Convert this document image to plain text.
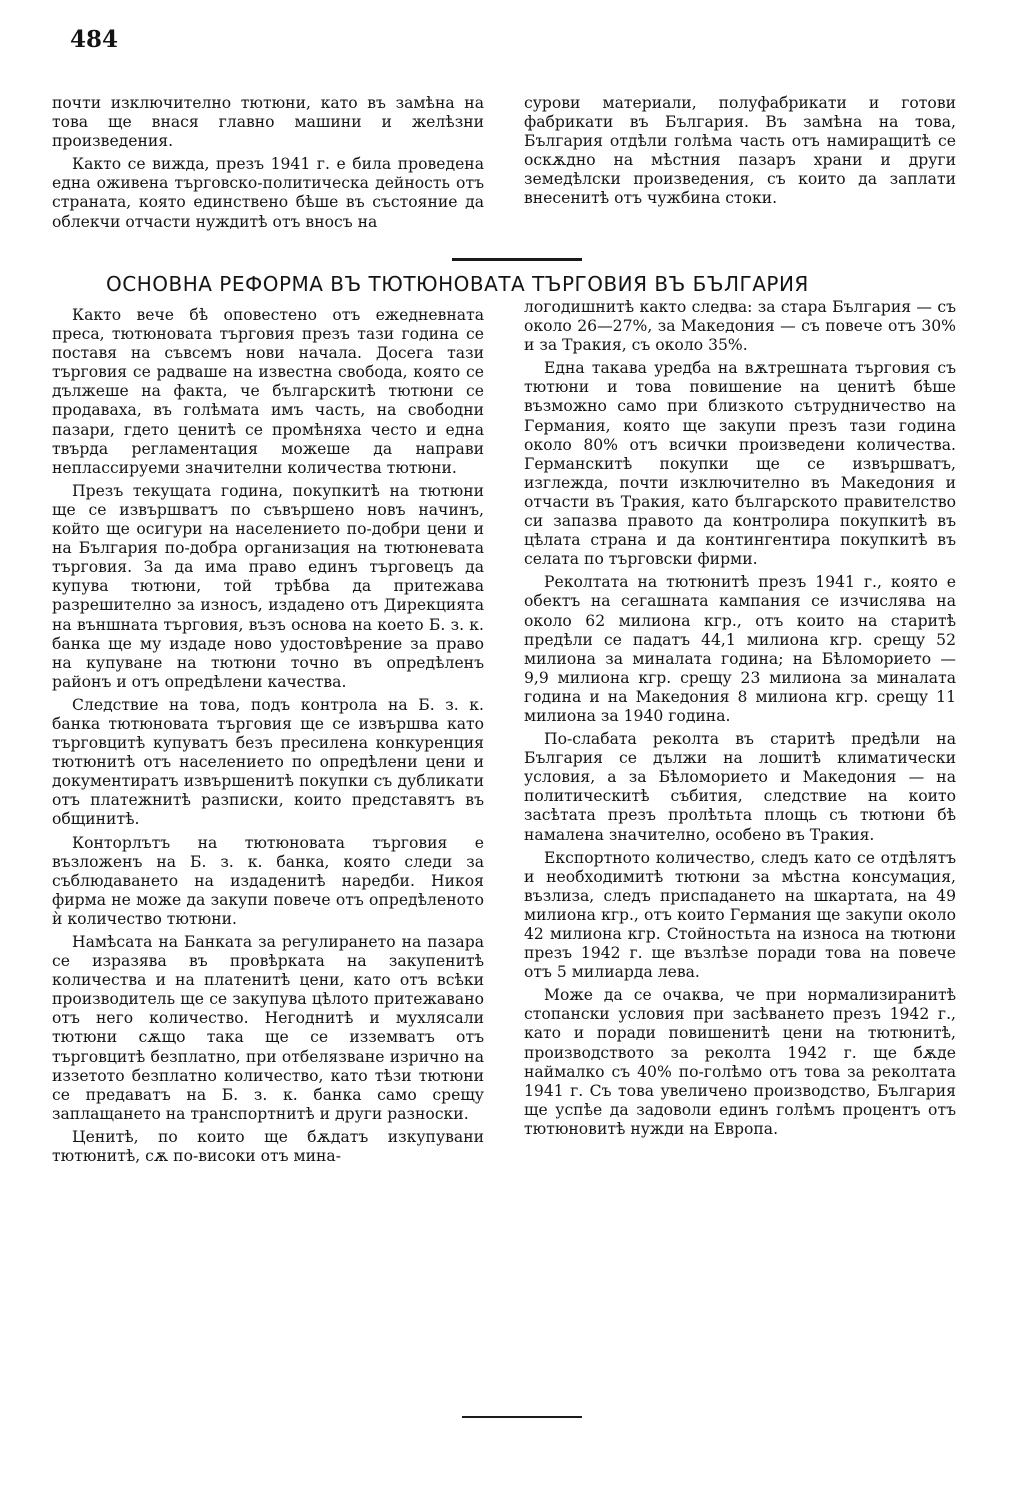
484

почти изключително тютюни, като въ замѣна на това ще внася главно машини и желѣзни произведения.

Както се вижда, презъ 1941 г. е била проведена една оживена търговско-политическа дейность отъ страната, която единствено бѣше въ състояние да облекчи отчасти нуждитѣ отъ вносъ на

сурови материали, полуфабрикати и готови фабрикати въ България. Въ замѣна на това, България отдѣли голѣма часть отъ намиращитѣ се оскѫдно на мѣстния пазаръ храни и други земедѣлски произведения, съ които да заплати внесенитѣ отъ чужбина стоки.

ОСНОВНА РЕФОРМА ВЪ ТЮТЮНОВАТА ТЪРГОВИЯ ВЪ БЪЛГАРИЯ

Както вече бѣ оповестено отъ ежедневната преса, тютюновата търговия презъ тази година се поставя на съвсемъ нови начала. Досега тази търговия се радваше на известна свобода, която се дължеше на факта, че българскитѣ тютюни се продаваха, въ голѣмата имъ часть, на свободни пазари, гдето ценитѣ се промѣняха често и една твърда регламентация можеше да направи неплассируеми значителни количества тютюни.

Презъ текущата година, покупкитѣ на тютюни ще се извършватъ по съвършено новъ начинъ, който ще осигури на населението по-добри цени и на България по-добра организация на тютюневата търговия. За да има право единъ търговецъ да купува тютюни, той трѣбва да притежава разрешително за износъ, издадено отъ Дирекцията на външната търговия, възъ основа на което Б. з. к. банка ще му издаде ново удостовѣрение за право на купуване на тютюни точно въ опредѣленъ районъ и отъ опредѣлени качества.

Следствие на това, подъ контрола на Б. з. к. банка тютюновата търговия ще се извършва като търговцитѣ купуватъ безъ пресилена конкуренция тютюнитѣ отъ населението по опредѣлени цени и документиратъ извършенитѣ покупки съ дубликати отъ платежнитѣ разписки, които представятъ въ общинитѣ.

Конторлътъ на тютюновата търговия е възложенъ на Б. з. к. банка, която следи за съблюдаването на издаденитѣ наредби. Никоя фирма не може да закупи повече отъ опредѣленото ѝ количество тютюни.

Намѣсата на Банката за регулирането на пазара се изразява въ провѣрката на закупенитѣ количества и на платенитѣ цени, като отъ всѣки производитель ще се закупува цѣлото притежавано отъ него количество. Негоднитѣ и мухлясали тютюни сѫщо така ще се изземватъ отъ търговцитѣ безплатно, при отбелязване изрично на иззетото безплатно количество, като тѣзи тютюни се предаватъ на Б. з. к. банка само срещу заплащането на транспортнитѣ и други разноски.

Ценитѣ, по които ще бѫдатъ изкупувани тютюнитѣ, сѫ по-високи отъ мина-

логодишнитѣ както следва: за стара България — съ около 26—27%, за Македония — съ повече отъ 30% и за Тракия, съ около 35%.

Една такава уредба на вѫтрешната търговия съ тютюни и това повишение на ценитѣ бѣше възможно само при близкото сътрудничество на Германия, която ще закупи презъ тази година около 80% отъ всички произведени количества. Германскитѣ покупки ще се извършватъ, изглежда, почти изключително въ Македония и отчасти въ Тракия, като българското правителство си запазва правото да контролира покупкитѣ въ цѣлата страна и да контингентира покупкитѣ въ селата по търговски фирми.

Реколтата на тютюнитѣ презъ 1941 г., която е обектъ на сегашната кампания се изчислява на около 62 милиона кгр., отъ които на старитѣ предѣли се падатъ 44,1 милиона кгр. срещу 52 милиона за миналата година; на Бѣломорието — 9,9 милиона кгр. срещу 23 милиона за миналата година и на Македония 8 милиона кгр. срещу 11 милиона за 1940 година.

По-слабата реколта въ старитѣ предѣли на България се дължи на лошитѣ климатически условия, а за Бѣломорието и Македония — на политическитѣ събития, следствие на които засѣтата презъ пролѣтьта площь съ тютюни бѣ намалена значително, особено въ Тракия.

Експортното количество, следъ като се отдѣлятъ и необходимитѣ тютюни за мѣстна консумация, възлиза, следъ приспадането на шкартата, на 49 милиона кгр., отъ които Германия ще закупи около 42 милиона кгр. Стойностьта на износа на тютюни презъ 1942 г. ще възлѣзе поради това на повече отъ 5 милиарда лева.

Може да се очаква, че при нормализиранитѣ стопански условия при засѣването презъ 1942 г., като и поради повишенитѣ цени на тютюнитѣ, производството за реколта 1942 г. ще бѫде наймалко съ 40% по-голѣмо отъ това за реколтата 1941 г. Съ това увеличено производство, България ще успѣе да задоволи единъ голѣмъ процентъ отъ тютюновитѣ нужди на Европа.
